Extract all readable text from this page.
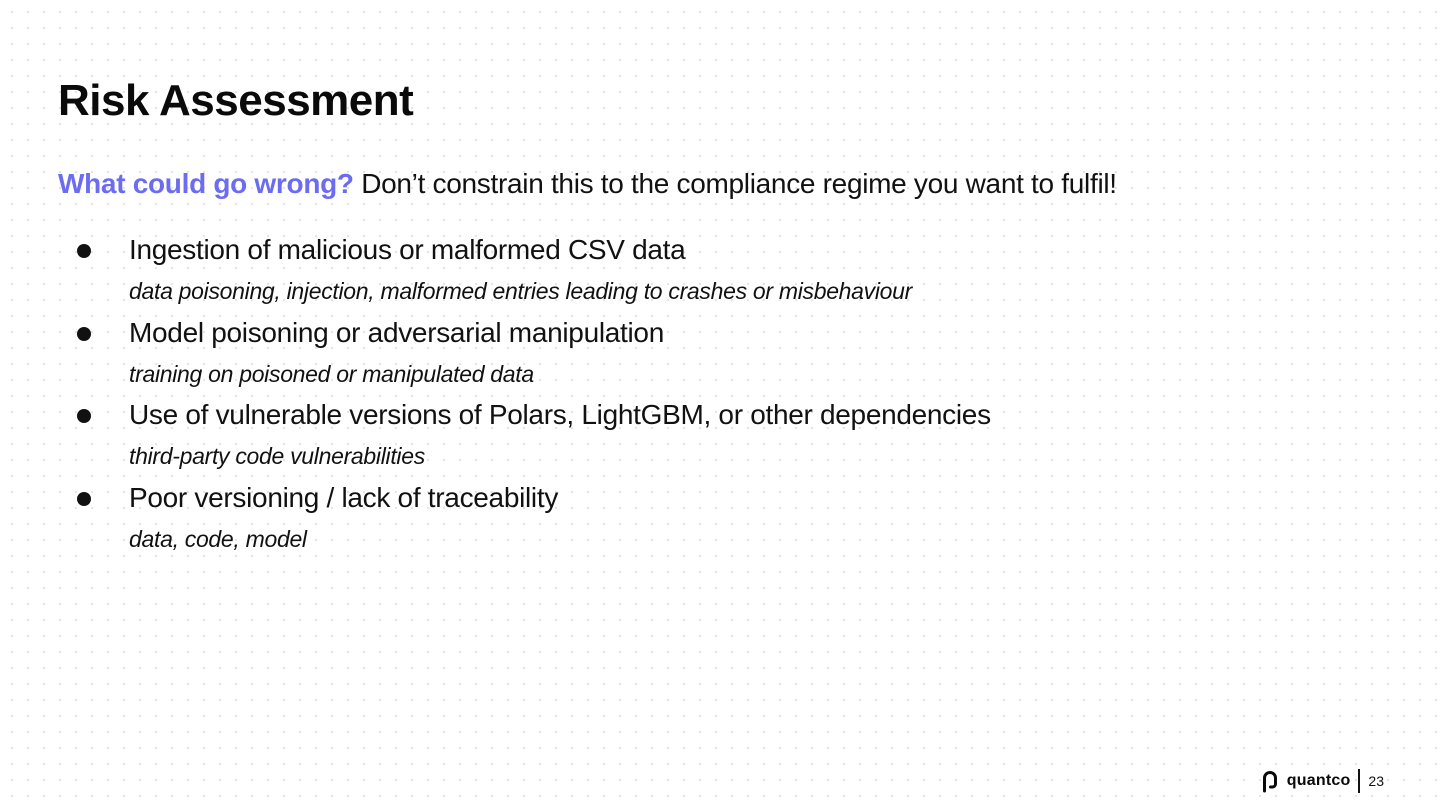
Risk Assessment
What could go wrong? Don’t constrain this to the compliance regime you want to fulfil!
Ingestion of malicious or malformed CSV data
data poisoning, injection, malformed entries leading to crashes or misbehaviour
Model poisoning or adversarial manipulation
training on poisoned or manipulated data
Use of vulnerable versions of Polars, LightGBM, or other dependencies
third-party code vulnerabilities
Poor versioning / lack of traceability
data, code, model
quantco 23
